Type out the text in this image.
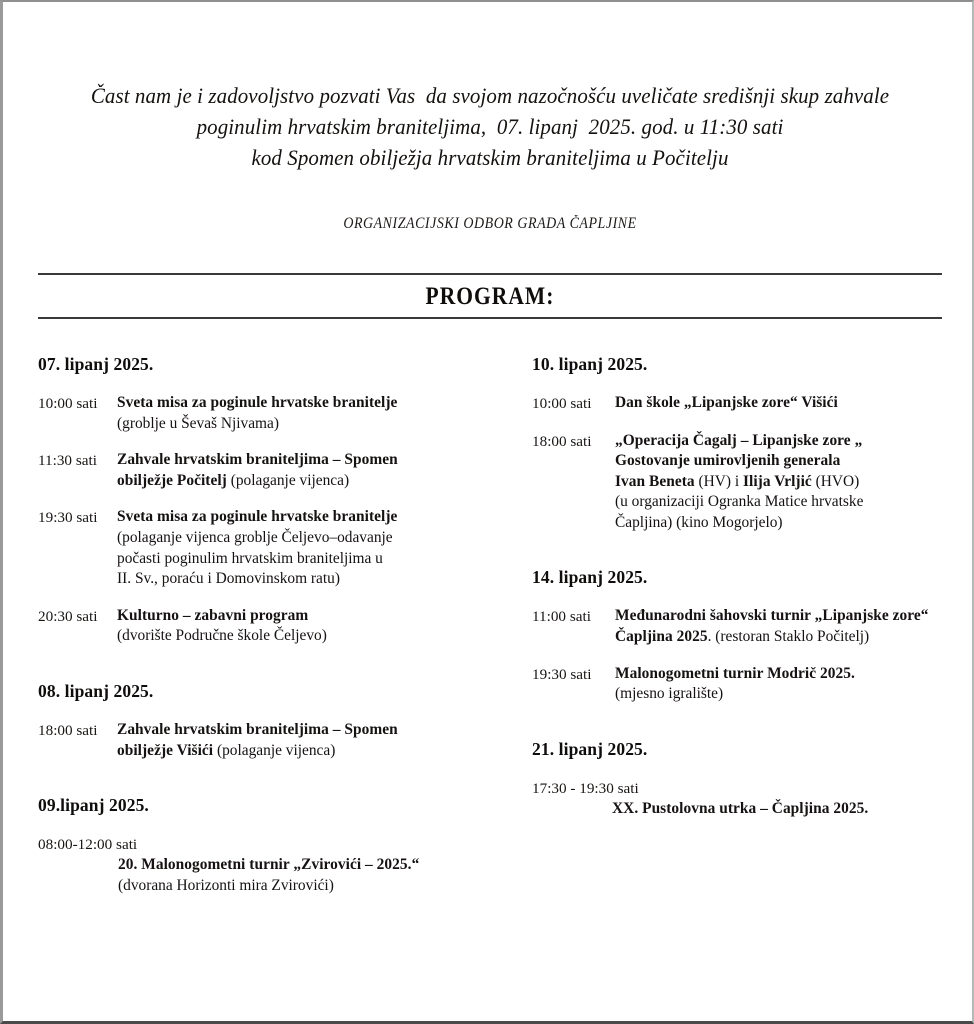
Čast nam je i zadovoljstvo pozvati Vas  da svojom nazočnošću uveličate središnji skup zahvale
poginulim hrvatskim braniteljima,  07. lipanj  2025. god. u 11:30 sati
kod Spomen obilježja hrvatskim braniteljima u Počitelju
ORGANIZACIJSKI ODBOR GRADA ČAPLJINE
PROGRAM:
07. lipanj 2025.
10:00 sati	Sveta misa za poginule hrvatske branitelje
(groblje u Ševaš Njivama)
11:30 sati	Zahvale hrvatskim braniteljima – Spomen
obilježje Počitelj (polaganje vijenca)
19:30 sati	Sveta misa za poginule hrvatske branitelje
(polaganje vijenca groblje Čeljevo–odavanje
počasti poginulim hrvatskim braniteljima u
II. Sv., poraću i Domovinskom ratu)
20:30 sati	Kulturno – zabavni program
(dvorište Područne škole Čeljevo)
08. lipanj 2025.
18:00 sati	Zahvale hrvatskim braniteljima – Spomen
obilježje Višići (polaganje vijenca)
09.lipanj 2025.
08:00-12:00 sati
20. Malonogometni turnir „Zvirovići – 2025.“
(dvorana Horizonti mira Zvirovići)
10. lipanj 2025.
10:00 sati	Dan škole „Lipanjske zore“ Višići
18:00 sati	„Operacija Čagalj – Lipanjske zore „
Gostovanje umirovljenih generala
Ivan Beneta (HV) i Ilija Vrljić (HVO)
(u organizaciji Ogranka Matice hrvatske
Čapljina) (kino Mogorjelo)
14. lipanj 2025.
11:00 sati	Međunarodni šahovski turnir „Lipanjske zore“
Čapljina 2025. (restoran Staklo Počitelj)
19:30 sati	Malonogometni turnir Modrič 2025.
(mjesno igralište)
21. lipanj 2025.
17:30 - 19:30 sati
XX. Pustolovna utrka – Čapljina 2025.
